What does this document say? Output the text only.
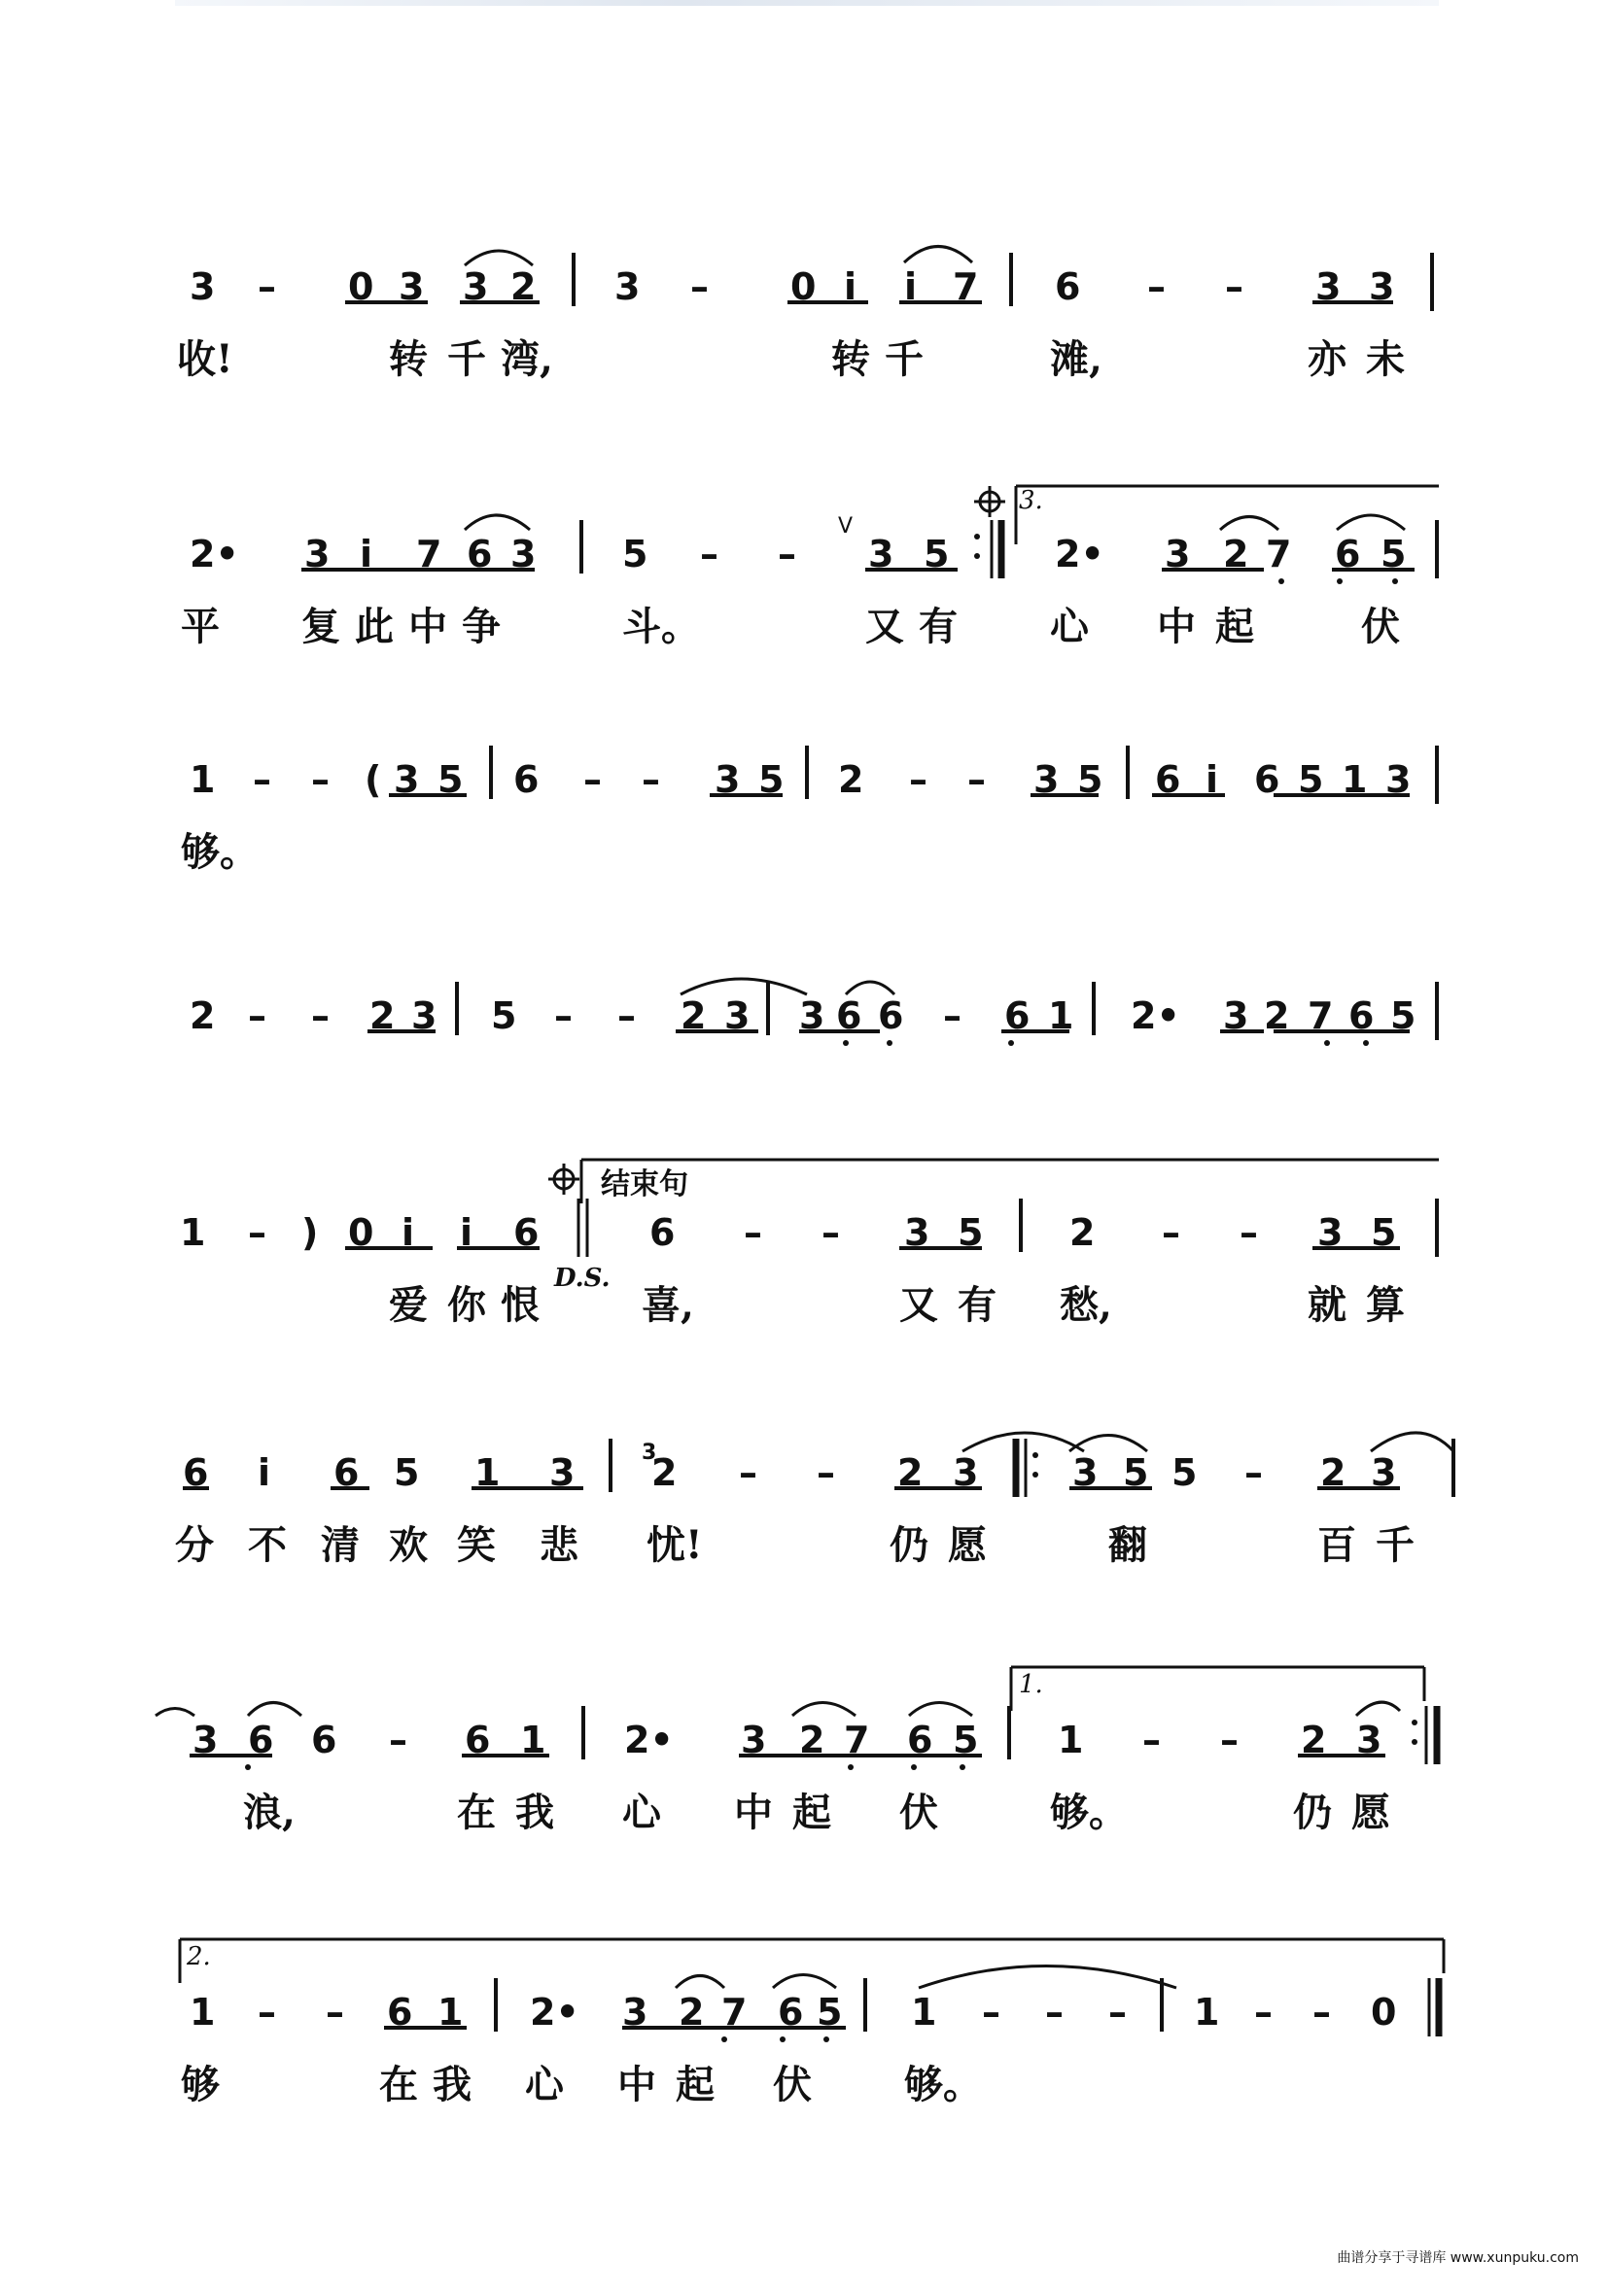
3 – 0 3 3 2 3 – 0 i i 7 6 – – 3 3
收!	转 千 湾,	转 千	滩,	亦 未
3.
2• 3 i 7 6 3 5 – –
V
3 5	2• 3 2 7 6 5
平 复 此 中 争	斗。	又 有 心 中 起	伏
1 – – ( 3 5 6 – – 3 5 2 – – 3 5 6 i 6 5 1 3
够。
2 – – 2 3 5 – – 2 3 3 6 6 – 6 1 2• 3 2 7 6 5
结束句
D.S.
1 – ) 0 i i 6	6 – – 3 5 2 – – 3 5
爱 你 恨	喜,	又 有 愁,	就 算
3
6 i 6 5 1 3 2 – – 2 3	3 5 5 – 2 3
分 不 清 欢 笑 悲 忧!	仍 愿	翻	百 千
1.
3 6 6 – 6 1 2• 3 2 7 6 5 1 – – 2 3
浪,	在 我 心 中 起 伏	够。	仍 愿
2.
1 – – 6 1 2• 3 2 7 6 5 1 – – – 1 – – 0
够	在 我 心 中 起 伏 够。
曲谱分享于寻谱库 www.xunpuku.com
